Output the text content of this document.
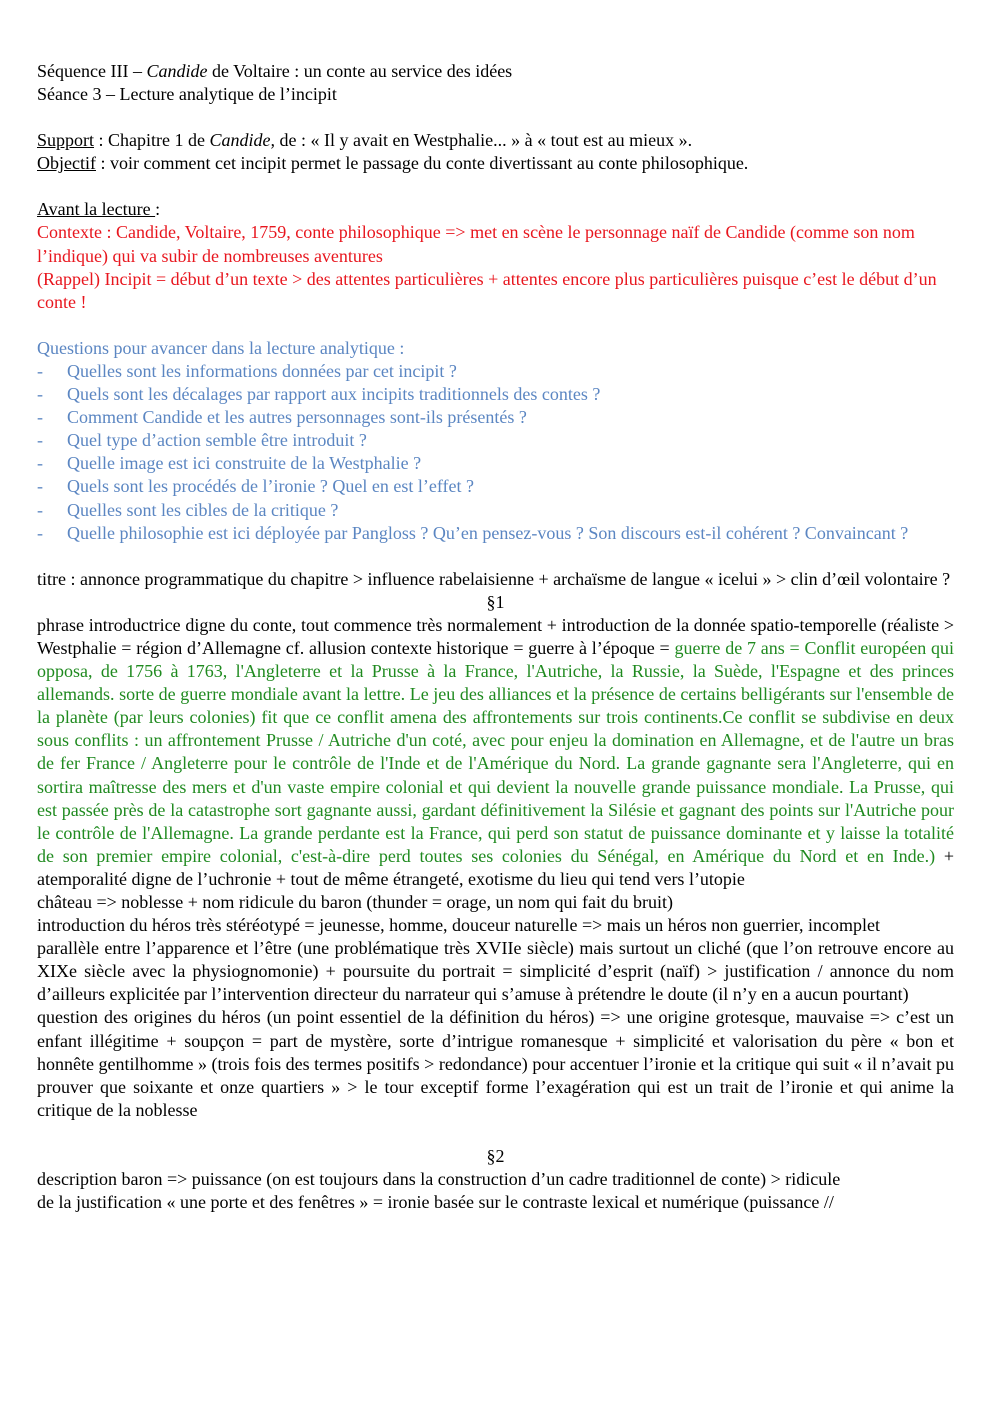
Séquence III – Candide de Voltaire : un conte au service des idées

Séance 3 – Lecture analytique de l’incipit

Support : Chapitre 1 de Candide, de : « Il y avait en Westphalie... » à « tout est au mieux ».

Objectif : voir comment cet incipit permet le passage du conte divertissant au conte philosophique.

Avant la lecture :

Contexte : Candide, Voltaire, 1759, conte philosophique => met en scène le personnage naïf de Candide (comme son nom l’indique) qui va subir de nombreuses aventures

(Rappel) Incipit = début d’un texte > des attentes particulières + attentes encore plus particulières puisque c’est le début d’un conte !

Questions pour avancer dans la lecture analytique :

- Quelles sont les informations données par cet incipit ?
- Quels sont les décalages par rapport aux incipits traditionnels des contes ?
- Comment Candide et les autres personnages sont-ils présentés ?
- Quel type d’action semble être introduit ?
- Quelle image est ici construite de la Westphalie ?
- Quels sont les procédés de l’ironie ? Quel en est l’effet ?
- Quelles sont les cibles de la critique ?
- Quelle philosophie est ici déployée par Pangloss ? Qu’en pensez-vous ? Son discours est-il cohérent ? Convaincant ?

titre : annonce programmatique du chapitre > influence rabelaisienne + archaïsme de langue « icelui » > clin d’œil volontaire ?

§1

phrase introductrice digne du conte, tout commence très normalement + introduction de la donnée spatio-temporelle (réaliste > Westphalie = région d’Allemagne cf. allusion contexte historique = guerre à l’époque = guerre de 7 ans = Conflit européen qui opposa, de 1756 à 1763, l'Angleterre et la Prusse à la France, l'Autriche, la Russie, la Suède, l'Espagne et des princes allemands. sorte de guerre mondiale avant la lettre. Le jeu des alliances et la présence de certains belligérants sur l'ensemble de la planète (par leurs colonies) fit que ce conflit amena des affrontements sur trois continents.Ce conflit se subdivise en deux sous conflits : un affrontement Prusse / Autriche d'un coté, avec pour enjeu la domination en Allemagne, et de l'autre un bras de fer France / Angleterre pour le contrôle de l'Inde et de l'Amérique du Nord. La grande gagnante sera l'Angleterre, qui en sortira maîtresse des mers et d'un vaste empire colonial et qui devient la nouvelle grande puissance mondiale. La Prusse, qui est passée près de la catastrophe sort gagnante aussi, gardant définitivement la Silésie et gagnant des points sur l'Autriche pour le contrôle de l'Allemagne. La grande perdante est la France, qui perd son statut de puissance dominante et y laisse la totalité de son premier empire colonial, c'est-à-dire perd toutes ses colonies du Sénégal, en Amérique du Nord et en Inde.) + atemporalité digne de l’uchronie + tout de même étrangeté, exotisme du lieu qui tend vers l’utopie

château => noblesse + nom ridicule du baron (thunder = orage, un nom qui fait du bruit)

introduction du héros très stéréotypé = jeunesse, homme, douceur naturelle => mais un héros non guerrier, incomplet

parallèle entre l’apparence et l’être (une problématique très XVIIe siècle) mais surtout un cliché (que l’on retrouve encore au XIXe siècle avec la physiognomonie) + poursuite du portrait = simplicité d’esprit (naïf) > justification / annonce du nom d’ailleurs explicitée par l’intervention directeur du narrateur qui s’amuse à prétendre le doute (il n’y en a aucun pourtant)

question des origines du héros (un point essentiel de la définition du héros) => une origine grotesque, mauvaise => c’est un enfant illégitime + soupçon = part de mystère, sorte d’intrigue romanesque + simplicité et valorisation du père « bon et honnête gentilhomme » (trois fois des termes positifs > redondance) pour accentuer l’ironie et la critique qui suit « il n’avait pu prouver que soixante et onze quartiers » > le tour exceptif forme l’exagération qui est un trait de l’ironie et qui anime la critique de la noblesse

§2

description baron => puissance (on est toujours dans la construction d’un cadre traditionnel de conte) > ridicule

de la justification « une porte et des fenêtres » = ironie basée sur le contraste lexical et numérique (puissance //
